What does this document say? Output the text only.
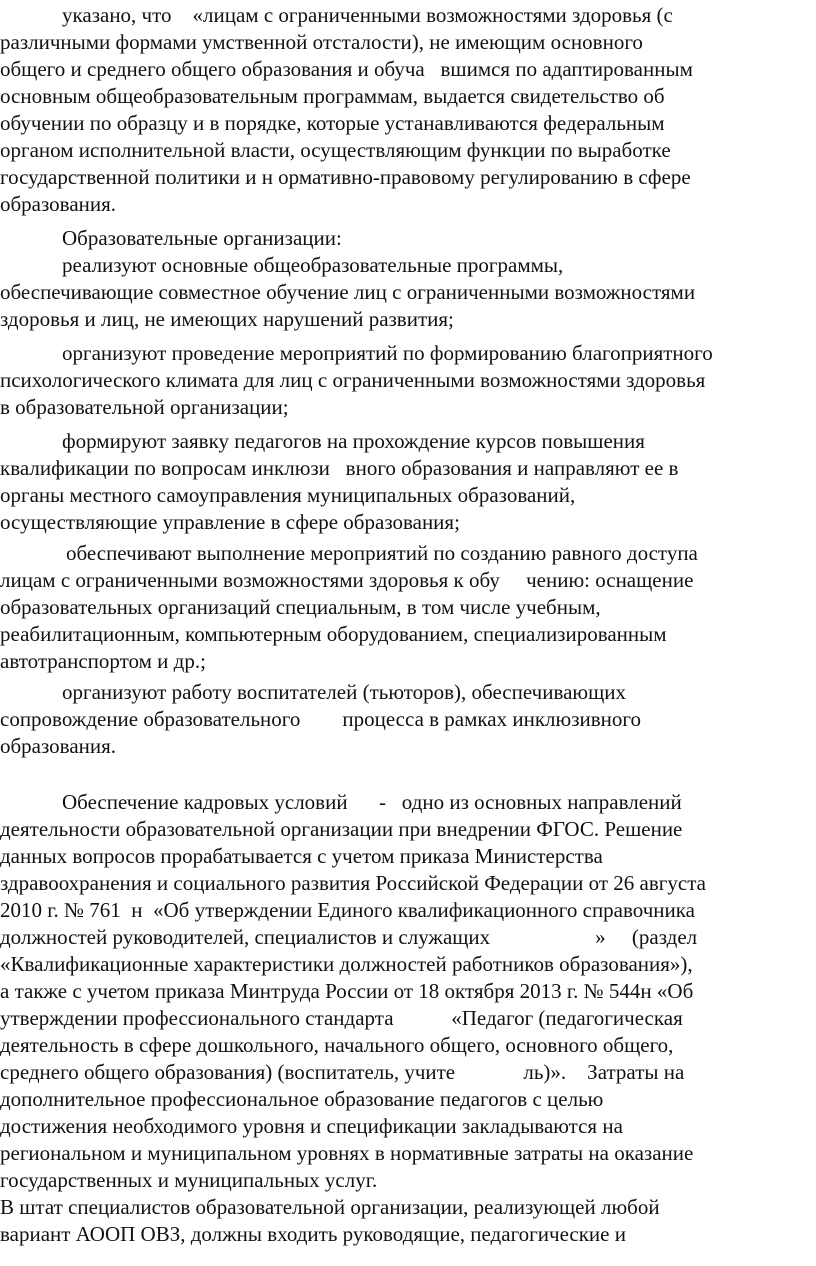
указано, что    «лицам с ограниченными возможностями здоровья (с

различными формами умственной отсталости), не имеющим основного

общего и среднего общего образования и обуча   вшимся по адаптированным

основным общеобразовательным программам, выдается свидетельство об

обучении по образцу и в порядке, которые устанавливаются федеральным

органом исполнительной власти, осуществляющим функции по выработке

государственной политики и н ормативно-правовому регулированию в сфере

образования.

Образовательные организации:

реализуют основные общеобразовательные программы,

обеспечивающие совместное обучение лиц с ограниченными возможностями

здоровья и лиц, не имеющих нарушений развития;

организуют проведение мероприятий по формированию благоприятного

психологического климата для лиц с ограниченными возможностями здоровья

в образовательной организации;

формируют заявку педагогов на прохождение курсов повышения

квалификации по вопросам инклюзи   вного образования и направляют ее в

органы местного самоуправления муниципальных образований,

осуществляющие управление в сфере образования;

обеспечивают выполнение мероприятий по созданию равного доступа

лицам с ограниченными возможностями здоровья к обу     чению: оснащение

образовательных организаций специальным, в том числе учебным,

реабилитационным, компьютерным оборудованием, специализированным

автотранспортом и др.;

организуют работу воспитателей (тьюторов), обеспечивающих

сопровождение образовательного        процесса в рамках инклюзивного

образования.

Обеспечение кадровых условий      -   одно из основных направлений

деятельности образовательной организации при внедрении ФГОС. Решение

данных вопросов прорабатывается с учетом приказа Министерства

здравоохранения и социального развития Российской Федерации от 26 августа

2010 г. № 761  н  «Об утверждении Единого квалификационного справочника

должностей руководителей, специалистов и служащих                    »     (раздел

«Квалификационные характеристики должностей работников образования»),

а также с учетом приказа Минтруда России от 18 октября 2013 г. № 544н «Об

утверждении профессионального стандарта           «Педагог (педагогическая

деятельность в сфере дошкольного, начального общего, основного общего,

среднего общего образования) (воспитатель, учите             ль)».    Затраты на

дополнительное профессиональное образование педагогов с целью

достижения необходимого уровня и спецификации закладываются на

региональном и муниципальном уровнях в нормативные затраты на оказание

государственных и муниципальных услуг.

В штат специалистов образовательной организации, реализующей любой

вариант АООП ОВЗ, должны входить руководящие, педагогические и
